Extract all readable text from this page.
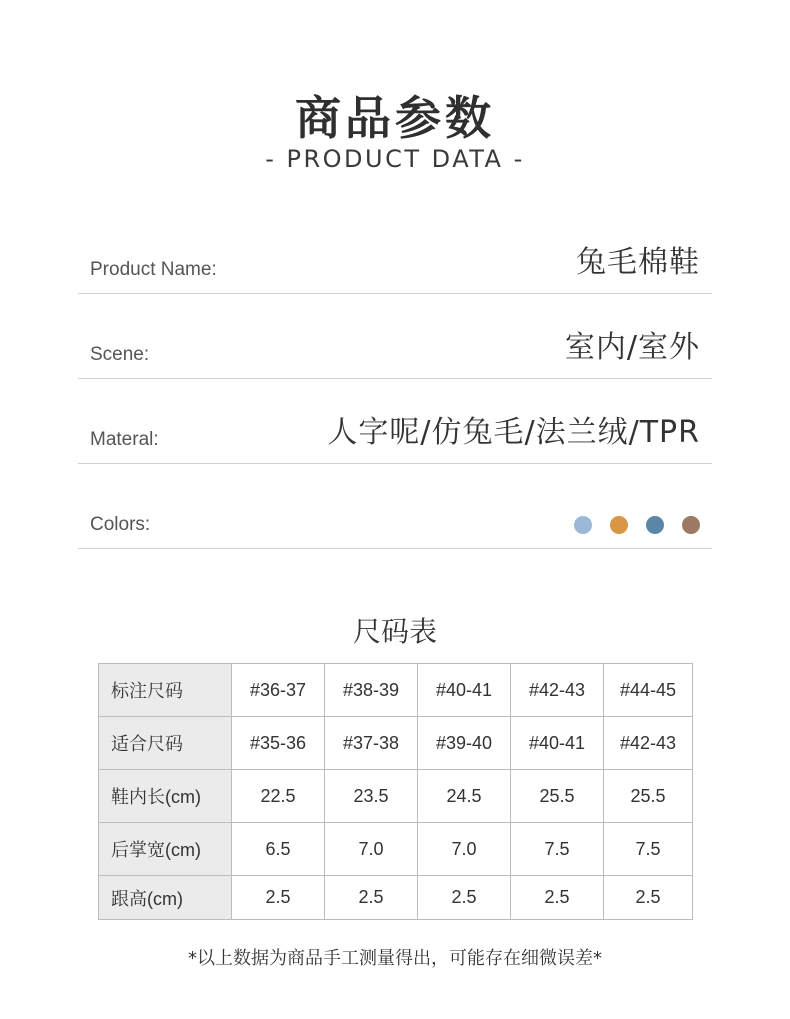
商品参数
- PRODUCT DATA -
Product Name:	兔毛棉鞋
Scene:	室内/室外
Materal:	人字呢/仿兔毛/法兰绒/TPR
Colors:
尺码表
标注尺码	#36-37	#38-39	#40-41	#42-43	#44-45
适合尺码	#35-36	#37-38	#39-40	#40-41	#42-43
鞋内长(cm)	22.5	23.5	24.5	25.5	25.5
后掌宽(cm)	6.5	7.0	7.0	7.5	7.5
跟高(cm)	2.5	2.5	2.5	2.5	2.5
*以上数据为商品手工测量得出，可能存在细微误差*
